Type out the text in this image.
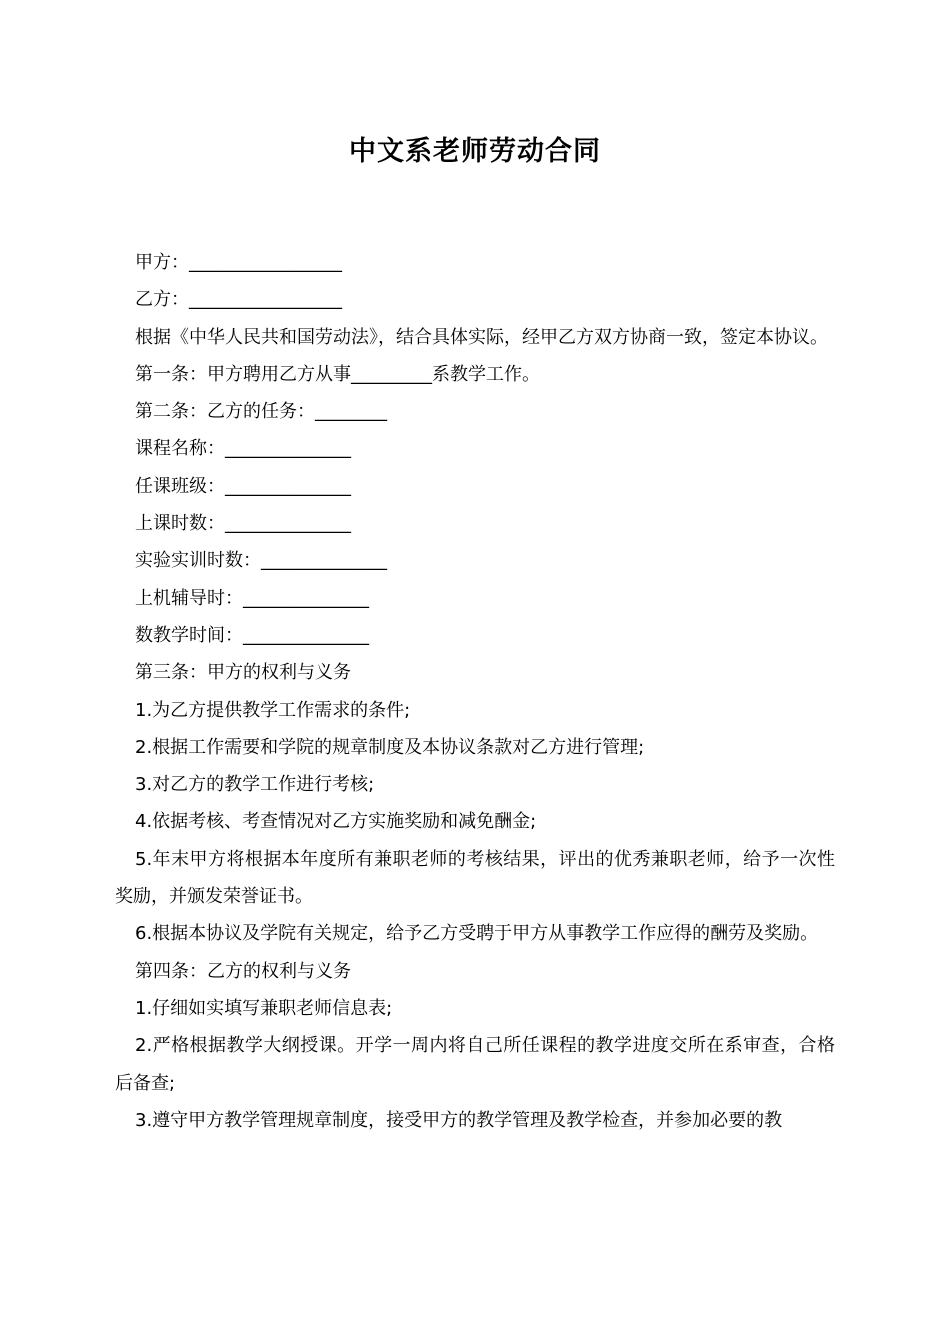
中文系老师劳动合同

甲方：_________________

乙方：_________________

根据《中华人民共和国劳动法》，结合具体实际，经甲乙方双方协商一致，签定本协议。

第一条：甲方聘用乙方从事_________系教学工作。

第二条：乙方的任务：________

课程名称：______________

任课班级：______________

上课时数：______________

实验实训时数：______________

上机辅导时：______________

数教学时间：______________

第三条：甲方的权利与义务

1.为乙方提供教学工作需求的条件;

2.根据工作需要和学院的规章制度及本协议条款对乙方进行管理;

3.对乙方的教学工作进行考核;

4.依据考核、考查情况对乙方实施奖励和减免酬金;

5.年末甲方将根据本年度所有兼职老师的考核结果，评出的优秀兼职老师，给予一次性奖励，并颁发荣誉证书。

6.根据本协议及学院有关规定，给予乙方受聘于甲方从事教学工作应得的酬劳及奖励。

第四条：乙方的权利与义务

1.仔细如实填写兼职老师信息表;

2.严格根据教学大纲授课。开学一周内将自己所任课程的教学进度交所在系审查，合格后备查;

3.遵守甲方教学管理规章制度，接受甲方的教学管理及教学检查，并参加必要的教
